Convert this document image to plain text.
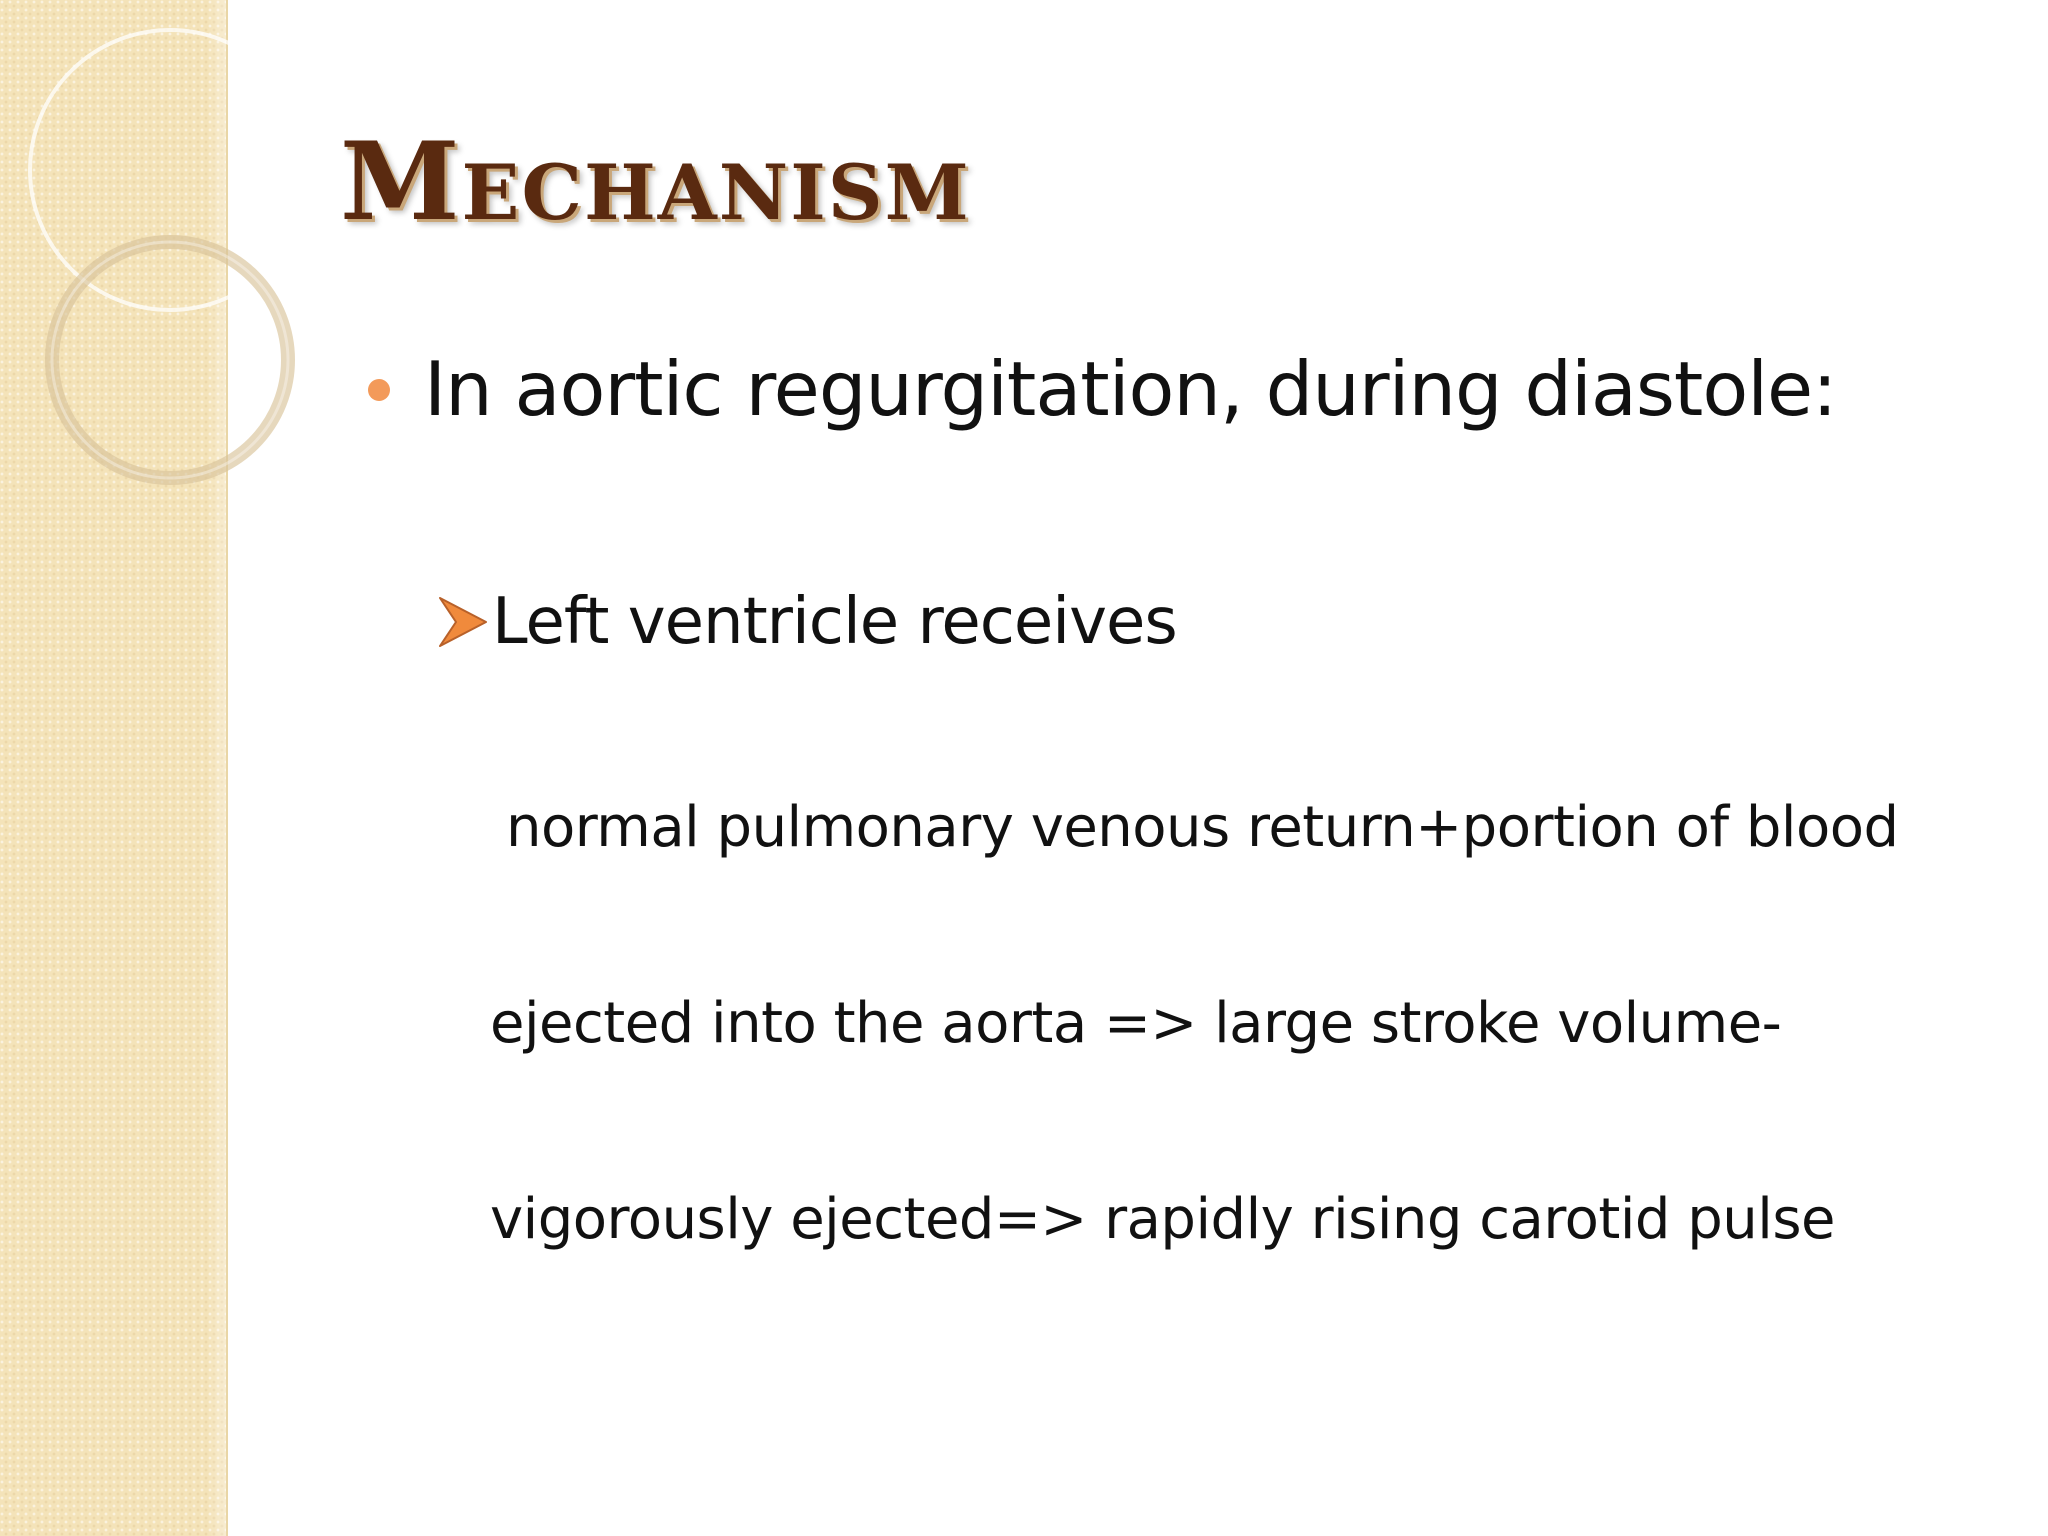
Mechanism
In aortic regurgitation, during diastole:
Left ventricle receives
normal pulmonary venous return+portion of blood
ejected into the aorta => large stroke volume-
vigorously ejected=> rapidly rising carotid pulse
